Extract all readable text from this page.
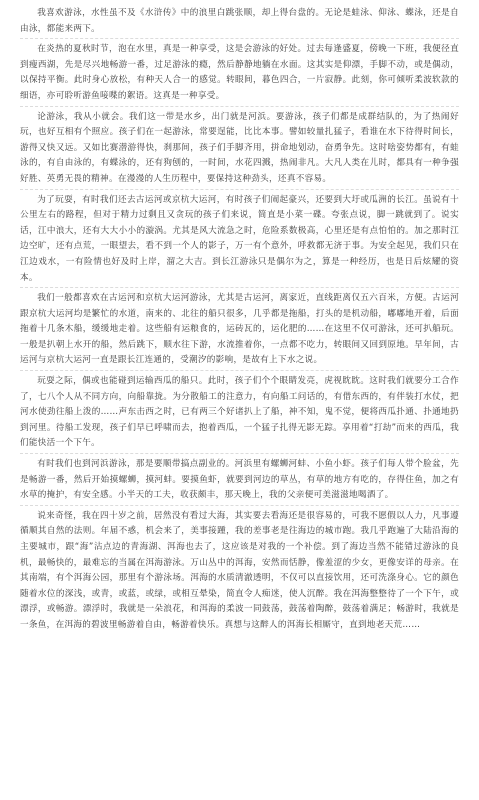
我喜欢游泳，水性虽不及《水浒传》中的浪里白跳张顺，却上得台盘的。无论是蛙泳、仰泳、蝶泳，还是自由泳，都能来两下。

在炎热的夏秋时节，泡在水里，真是一种享受，这是会游泳的好处。过去每逢盛夏，傍晚一下班，我便径直到瘦西湖，先是尽兴地畅游一番，过足游泳的瘾，然后静静地躺在水面。这其实是仰漂，手脚不动，或是偶动，以保持平衡。此时身心放松，有种天人合一的感觉。转眼间，暮色四合，一片寂静。此刻，你可倾听柔波软款的细语，亦可聆听游鱼唼喋的絮语。这真是一种享受。

论游泳，我从小就会。我们这一带是水乡，出门就是河浜。要游泳，孩子们都是成群结队的，为了热闹好玩，也好互相有个照应。孩子们在一起游泳，常要逞能，比比本事。譬如较量扎猛子，看谁在水下待得时间长，游得又快又远。又如比赛潜游得快，刹那间，孩子们手脚齐用，拼命地划动，奋勇争先。这时啥姿势都有，有蛙泳的，有自由泳的，有蝶泳的，还有狗刨的，一时间，水花四溅，热闹非凡。大凡人类在儿时，都具有一种争强好胜、英勇无畏的精神。在漫漫的人生历程中，要保持这种劲头，还真不容易。

为了玩耍，有时我们还去古运河或京杭大运河，有时孩子们闹起豪兴，还要到大圩或瓜洲的长江。虽说有十公里左右的路程，但对于精力过剩且又贪玩的孩子们来说，简直是小菜一碟。夸张点说，脚一跳就到了。说实话，江中浪大，还有大大小小的漩涡。尤其是风大流急之时，危险系数极高，心里还是有点怕怕的。加之那时江边空旷，还有点荒，一眼望去，看不到一个人的影子，万一有个意外，呼救都无济于事。为安全起见，我们只在江边戏水，一有险情也好及时上岸，溜之大吉。到长江游泳只是偶尔为之，算是一种经历，也是日后炫耀的资本。

我们一般都喜欢在古运河和京杭大运河游泳，尤其是古运河，离家近，直线距离仅五六百米，方便。古运河跟京杭大运河均是繁忙的水道，南来的、北往的船只很多，几乎都是拖船，打头的是机动船，嘟嘟地开着，后面拖着十几条木船，缓缓地走着。这些船有运粮食的，运砖瓦的，运化肥的……在这里不仅可游泳，还可扒船玩。一般是扒朝上水开的船，然后跳下，顺水往下游，水流推着你，一点都不吃力，转眼间又回到原地。早年间，古运河与京杭大运河一直是跟长江连通的，受潮汐的影响，是故有上下水之说。

玩耍之际，偶或也能碰到运输西瓜的船只。此时，孩子们个个眼睛发亮，虎视眈眈。这时我们就要分工合作了，七八个人从不同方向，向船靠拢。为分散船工的注意力，有向船工问话的，有借东西的，有伴装打水仗，把河水使劲往船上泼的……声东击西之时，已有两三个好诸扒上了船，神不知，鬼不觉，便将西瓜扑通、扑通地扔到河里。待船工发现，孩子们早已呼啸而去，抱着西瓜，一个猛子扎得无影无踪。享用着“打劫”而来的西瓜，我们能快活一个下午。

有时我们也到河浜游泳，那是要顺带搞点副业的。河浜里有螺蛳河蚌、小鱼小虾。孩子们每人带个脸盆，先是畅游一番，然后开始摸螺蛳，摸河蚌。要摸鱼虾，就要到河边的草丛，有草的地方有吃的，存得住鱼，加之有水草的掩护，有安全感。小半天的工夫，收获颇丰，那天晚上，我的父亲便可美滋滋地喝酒了。

说来奇怪，我在四十岁之前，居然没有看过大海，其实要去看海还是很容易的，可我不愿假以人力，凡事遵循顺其自然的法则。年届不惑，机会来了，美事接踵，我的差事老是往海边的城市跑。我几乎跑遍了大陆沿海的主要城市，跟“海”沾点边的青海湖、洱海也去了，这应该是对我的一个补偿。到了海边当然不能错过游泳的良机，最畅快的，最难忘的当属在洱海游泳。万山丛中的洱海，安然而恬静，像羞涩的少女，更像安详的母亲。在其南端，有个洱海公园，那里有个游泳场。洱海的水质清澈透明，不仅可以直接饮用，还可洗涤身心。它的颜色随着水位的深浅，或青，或蓝，或绿，或相互晕染，简直令人痴迷，使人沉醉。我在洱海整整待了一个下午，或漂浮，或畅游。漂浮时，我就是一朵浪花，和洱海的柔波一同鼓荡，鼓荡着陶醉，鼓荡着满足；畅游时，我就是一条鱼，在洱海的碧波里畅游着自由，畅游着快乐。真想与这醉人的洱海长相厮守，直到地老天荒……
